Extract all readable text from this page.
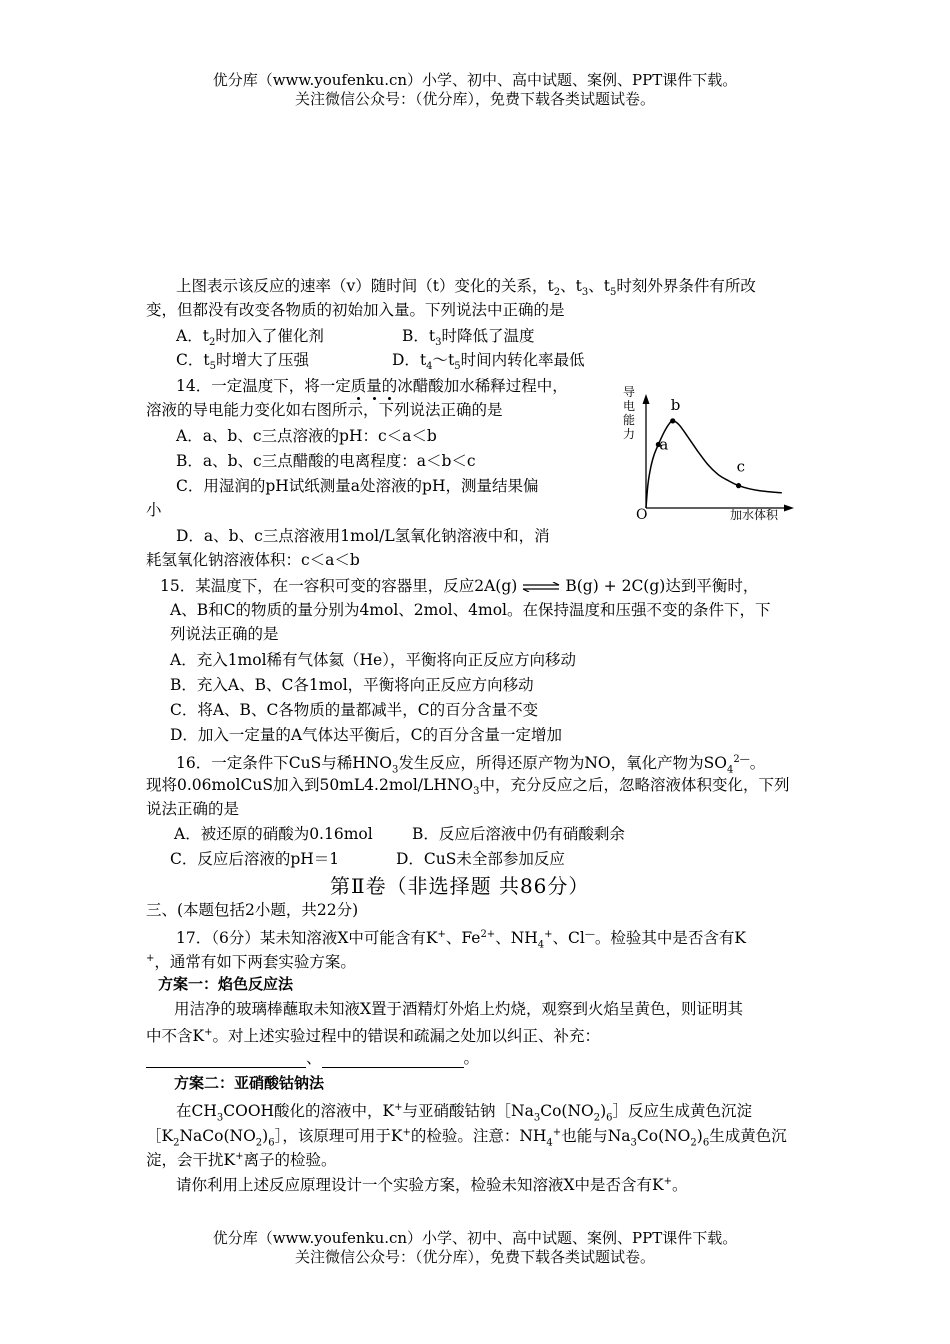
优分库（www.youfenku.cn）小学、初中、高中试题、案例、PPT课件下载。
关注微信公众号：（优分库），免费下载各类试题试卷。
上图表示该反应的速率（v）随时间（t）变化的关系，$t_2$、$t_3$、$t_5$时刻外界条件有所改
变，但都没有改变各物质的初始加入量。下列说法中正确的是
A．$t_2$时加入了催化剂	B．$t_3$时降低了温度
C．$t_5$时增大了压强	D．$t_4\sim t_5$时间内转化率最低
14．一定温度下，将一定质量的冰醋酸加水稀释过程中，
溶液的导电能力变化如右图所示，下列说法正确的是
A．a、b、c三点溶液的pH：c＜a＜b
B．a、b、c三点醋酸的电离程度：a＜b＜c
C．用湿润的pH试纸测量a处溶液的pH，测量结果偏
小
D．a、b、c三点溶液用1mol/L氢氧化钠溶液中和，消
耗氢氧化钠溶液体积：c＜a＜b
导
电
能
力
O	加水体积
a
b
c
15．某温度下，在一容积可变的容器里，反应2A(g) ⇌ B(g) + 2C(g)达到平衡时，
A、B和C的物质的量分别为4mol、2mol、4mol。在保持温度和压强不变的条件下，下
列说法正确的是
A．充入1mol稀有气体氦（He），平衡将向正反应方向移动
B．充入A、B、C各1mol，平衡将向正反应方向移动
C．将A、B、C各物质的量都减半，C的百分含量不变
D．加入一定量的A气体达平衡后，C的百分含量一定增加
16．一定条件下CuS与稀$HNO_3$发生反应，所得还原产物为NO，氧化产物为$SO_4^{2—}$。
现将0.06molCuS加入到$50mL4.2mol/LHNO_3$中，充分反应之后，忽略溶液体积变化，下列
说法正确的是
A．被还原的硝酸为0.16mol	B．反应后溶液中仍有硝酸剩余
C．反应后溶液的pH＝1	D．CuS未全部参加反应
第Ⅱ卷（非选择题 共86分）
三、(本题包括2小题，共22分)
17．（6分）某未知溶液X中可能含有K+、$Fe^{2+}$、$NH_4^+$、Cl—。检验其中是否含有K
+，通常有如下两套实验方案。
方案一：焰色反应法
用洁净的玻璃棒蘸取未知液X置于酒精灯外焰上灼烧，观察到火焰呈黄色，则证明其
中不含K+。对上述实验过程中的错误和疏漏之处加以纠正、补充：
、	。
方案二：亚硝酸钴钠法
在$CH_3COOH$酸化的溶液中，K+与亚硝酸钴钠$[Na_3Co(NO_2)_6]$反应生成黄色沉淀
$[K_2NaCo(NO_2)_6]$，该原理可用于K+的检验。注意：$NH_4^+$也能与$Na_3Co(NO_2)_6$生成黄色沉
淀，会干扰K+离子的检验。
请你利用上述反应原理设计一个实验方案，检验未知溶液X中是否含有K+。
优分库（www.youfenku.cn）小学、初中、高中试题、案例、PPT课件下载。
关注微信公众号：（优分库），免费下载各类试题试卷。
